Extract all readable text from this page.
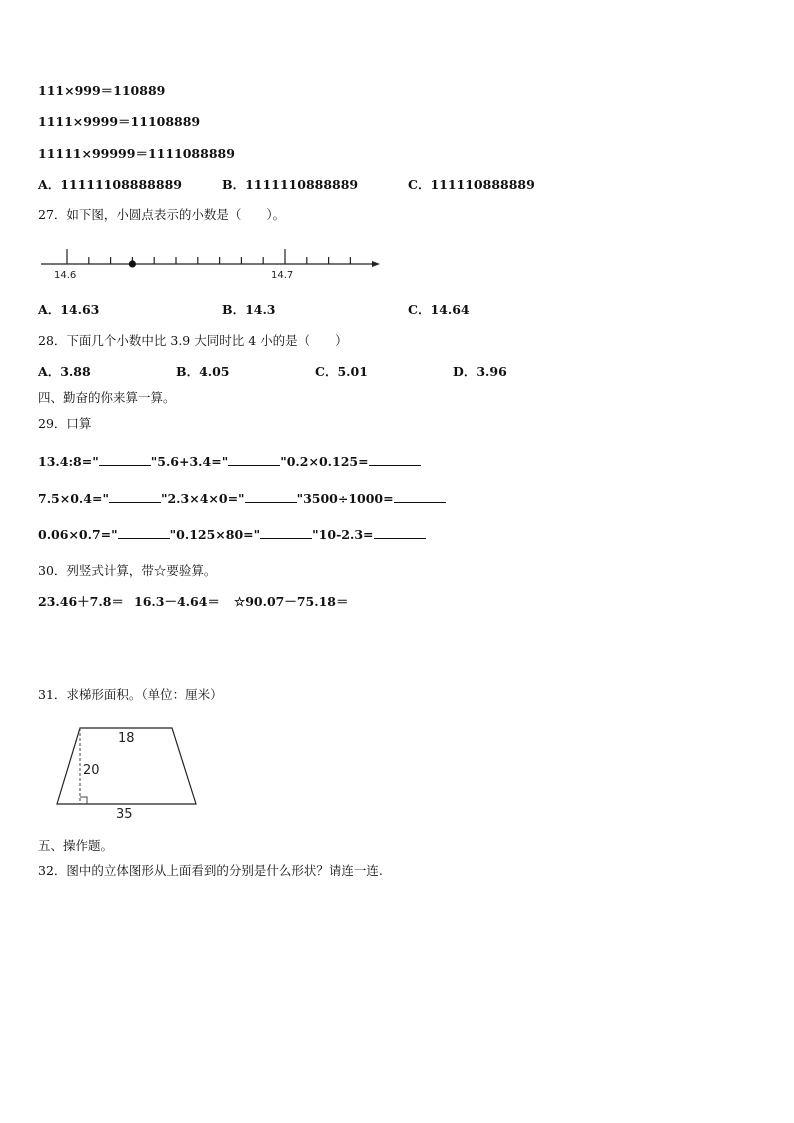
111×999＝110889
1111×9999＝11108889
11111×99999＝1111088889
A．11111108888889	B．1111110888889	C．111110888889
27．如下图，小圆点表示的小数是（　　）。
14.6	14.7
A．14.63	B．14.3	C．14.64
28．下面几个小数中比 3.9 大同时比 4 小的是（　　）
A．3.88	B．4.05	C．5.01	D．3.96
四、勤奋的你来算一算。
29．口算
13.4:8="	"5.6+3.4="	"0.2×0.125=
7.5×0.4="	"2.3×4×0="	"3500÷1000=
0.06×0.7="	"0.125×80="	"10-2.3=
30．列竖式计算，带☆要验算。
23.46＋7.8＝ 16.3－4.64＝ ☆90.07－75.18＝
31．求梯形面积。（单位：厘米）
18
20
35
五、操作题。
32．图中的立体图形从上面看到的分别是什么形状？请连一连.
